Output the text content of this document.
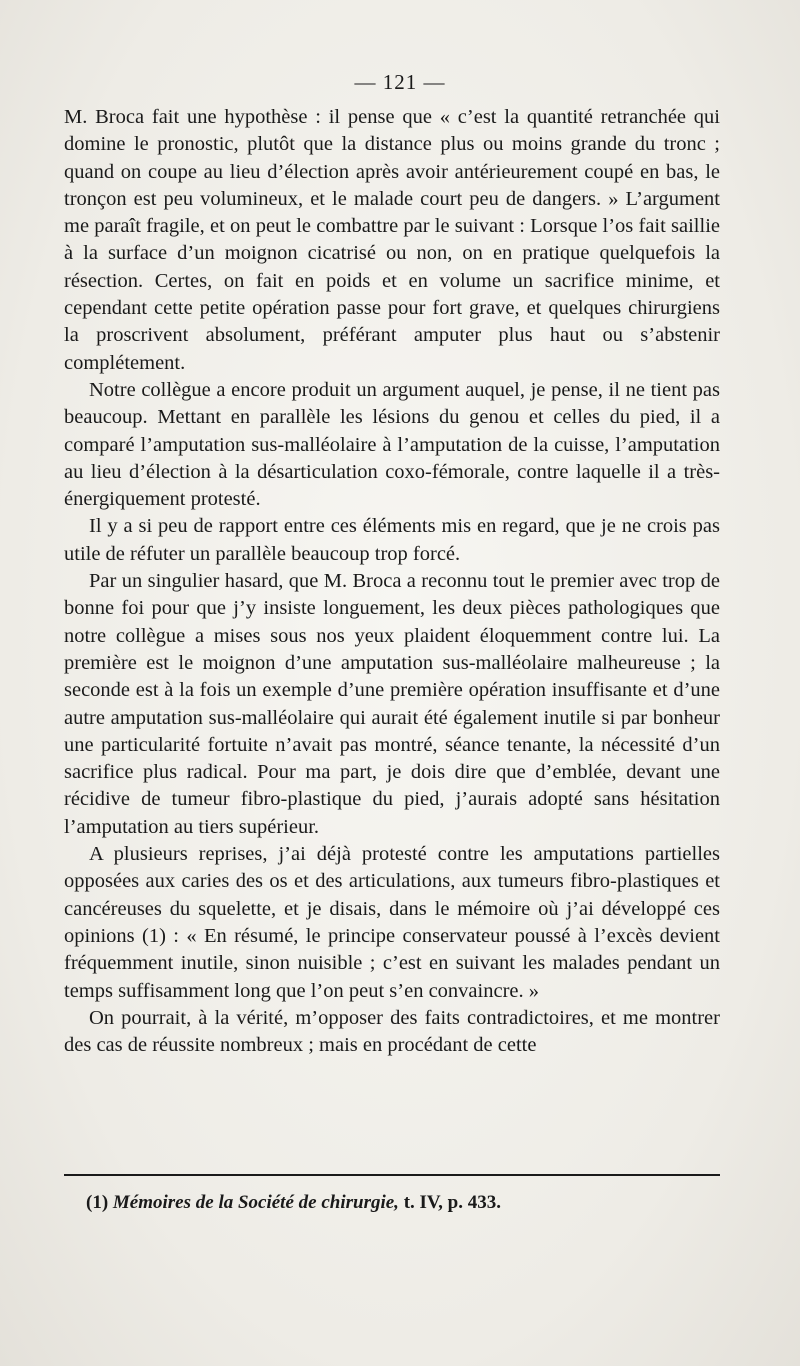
— 121 —

M. Broca fait une hypothèse : il pense que « c’est la quantité retranchée qui domine le pronostic, plutôt que la distance plus ou moins grande du tronc ; quand on coupe au lieu d’élection après avoir antérieurement coupé en bas, le tronçon est peu volumineux, et le malade court peu de dangers. » L’argument me paraît fragile, et on peut le combattre par le suivant : Lorsque l’os fait saillie à la surface d’un moignon cicatrisé ou non, on en pratique quelquefois la résection. Certes, on fait en poids et en volume un sacrifice minime, et cependant cette petite opération passe pour fort grave, et quelques chirurgiens la proscrivent absolument, préférant amputer plus haut ou s’abstenir complétement.

Notre collègue a encore produit un argument auquel, je pense, il ne tient pas beaucoup. Mettant en parallèle les lésions du genou et celles du pied, il a comparé l’amputation sus-malléolaire à l’amputation de la cuisse, l’amputation au lieu d’élection à la désarticulation coxo-fémorale, contre laquelle il a très-énergiquement protesté.

Il y a si peu de rapport entre ces éléments mis en regard, que je ne crois pas utile de réfuter un parallèle beaucoup trop forcé.

Par un singulier hasard, que M. Broca a reconnu tout le premier avec trop de bonne foi pour que j’y insiste longuement, les deux pièces pathologiques que notre collègue a mises sous nos yeux plaident éloquemment contre lui. La première est le moignon d’une amputation sus-malléolaire malheureuse ; la seconde est à la fois un exemple d’une première opération insuffisante et d’une autre amputation sus-malléolaire qui aurait été également inutile si par bonheur une particularité fortuite n’avait pas montré, séance tenante, la nécessité d’un sacrifice plus radical. Pour ma part, je dois dire que d’emblée, devant une récidive de tumeur fibro-plastique du pied, j’aurais adopté sans hésitation l’amputation au tiers supérieur.

A plusieurs reprises, j’ai déjà protesté contre les amputations partielles opposées aux caries des os et des articulations, aux tumeurs fibro-plastiques et cancéreuses du squelette, et je disais, dans le mémoire où j’ai développé ces opinions (1) : « En résumé, le principe conservateur poussé à l’excès devient fréquemment inutile, sinon nuisible ; c’est en suivant les malades pendant un temps suffisamment long que l’on peut s’en convaincre. »

On pourrait, à la vérité, m’opposer des faits contradictoires, et me montrer des cas de réussite nombreux ; mais en procédant de cette

(1) Mémoires de la Société de chirurgie, t. IV, p. 433.
